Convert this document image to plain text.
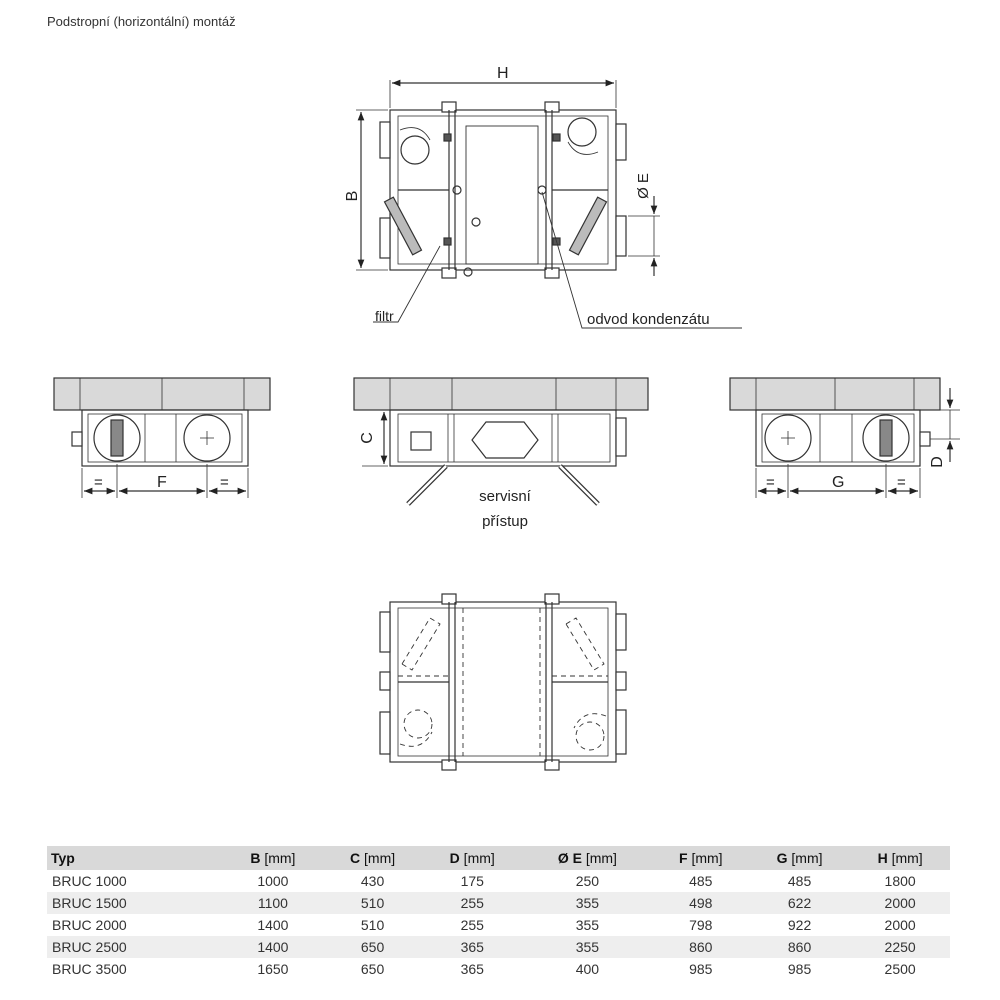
Podstropní (horizontální) montáž
H
B	Ø E
filtr	odvod kondenzátu
=	F	=
C
servisní
přístup
=	G	=
D
Typ	B [mm]	C [mm]	D [mm]	Ø E [mm]	F [mm]	G [mm]	H [mm]
BRUC 1000	1000	430	175	250	485	485	1800
BRUC 1500	1100	510	255	355	498	622	2000
BRUC 2000	1400	510	255	355	798	922	2000
BRUC 2500	1400	650	365	355	860	860	2250
BRUC 3500	1650	650	365	400	985	985	2500
